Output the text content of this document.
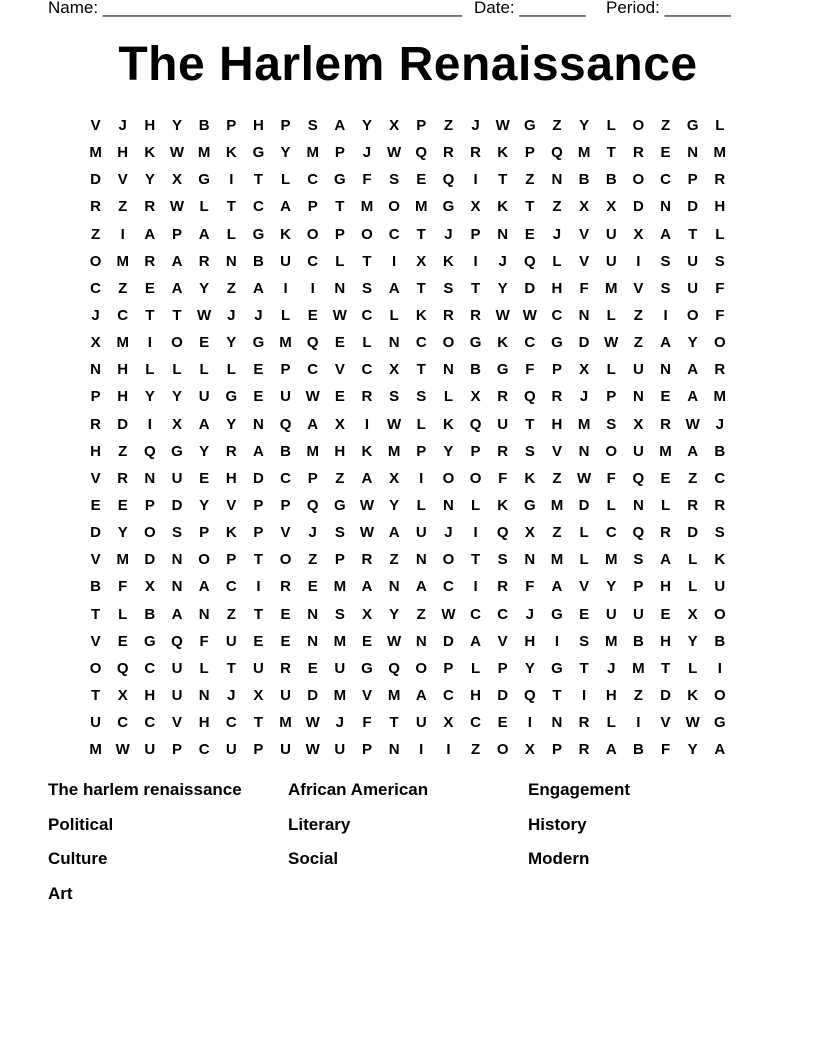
Name: ______________________________________ Date: _______ Period: _______
The Harlem Renaissance
V	J	H	Y	B	P	H	P	S	A	Y	X	P	Z	J	W G	Z	Y	L	O	Z	G	L
M	H	K W M	K	G	Y	M	P	J	W Q	R	R	K	P	Q	M	T	R	E	N	M
D	V	Y	X	G	I	T	L	C	G	F	S	E	Q	I	T	Z	N	B	B	O	C	P	R
R	Z	R W	L	T	C	A	P	T	M	O	M	G	X	K	T	Z	X	X	D	N	D	H
Z	I	A	P	A	L	G	K	O	P	O	C	T	J	P	N	E	J	V	U	X	A	T	L
O	M	R	A	R	N	B	U	C	L	T	I	X	K	I	J	Q	L	V	U	I	S	U	S
C	Z	E	A	Y	Z	A	I	I	N	S	A	T	S	T	Y	D	H	F	M	V	S	U	F
J	C	T	T	W	J	J	L	E	W C	L	K	R	R W W C	N	L	Z	I	O	F
X	M	I	O	E	Y	G	M	Q	E	L	N	C	O	G	K	C	G	D W	Z	A	Y	O
N	H	L	L	L	L	E	P	C	V	C	X	T	N	B	G	F	P	X	L	U	N	A	R
P	H	Y	Y	U	G	E	U W	E	R	S	S	L	X	R	Q	R	J	P	N	E	A	M
R	D	I	X	A	Y	N	Q	A	X	I	W	L	K	Q	U	T	H	M	S	X	R W	J
H	Z	Q	G	Y	R	A	B	M	H	K	M	P	Y	P	R	S	V	N	O	U	M	A	B
V	R	N	U	E	H	D	C	P	Z	A	X	I	O	O	F	K	Z	W	F	Q	E	Z	C
E	E	P	D	Y	V	P	P	Q	G W	Y	L	N	L	K	G	M	D	L	N	L	R	R
D	Y	O	S	P	K	P	V	J	S	W A	U	J	I	Q	X	Z	L	C	Q	R	D	S
V	M	D	N	O	P	T	O	Z	P	R	Z	N	O	T	S	N	M	L	M	S	A	L	K
B	F	X	N	A	C	I	R	E	M	A	N	A	C	I	R	F	A	V	Y	P	H	L	U
T	L	B	A	N	Z	T	E	N	S	X	Y	Z	W C	C	J	G	E	U	U	E	X	O
V	E	G	Q	F	U	E	E	N	M	E	W N	D	A	V	H	I	S	M	B	H	Y	B
O	Q	C	U	L	T	U	R	E	U	G	Q	O	P	L	P	Y	G	T	J	M	T	L	I
T	X	H	U	N	J	X	U	D	M	V	M	A	C	H	D	Q	T	I	H	Z	D	K	O
U	C	C	V	H	C	T	M W	J	F	T	U	X	C	E	I	N	R	L	I	V	W G
M W U	P	C	U	P	U W U	P	N	I	I	Z	O	X	P	R	A	B	F	Y	A
The harlem renaissance	African American	Engagement
Political	Literary	History
Culture	Social	Modern
Art
